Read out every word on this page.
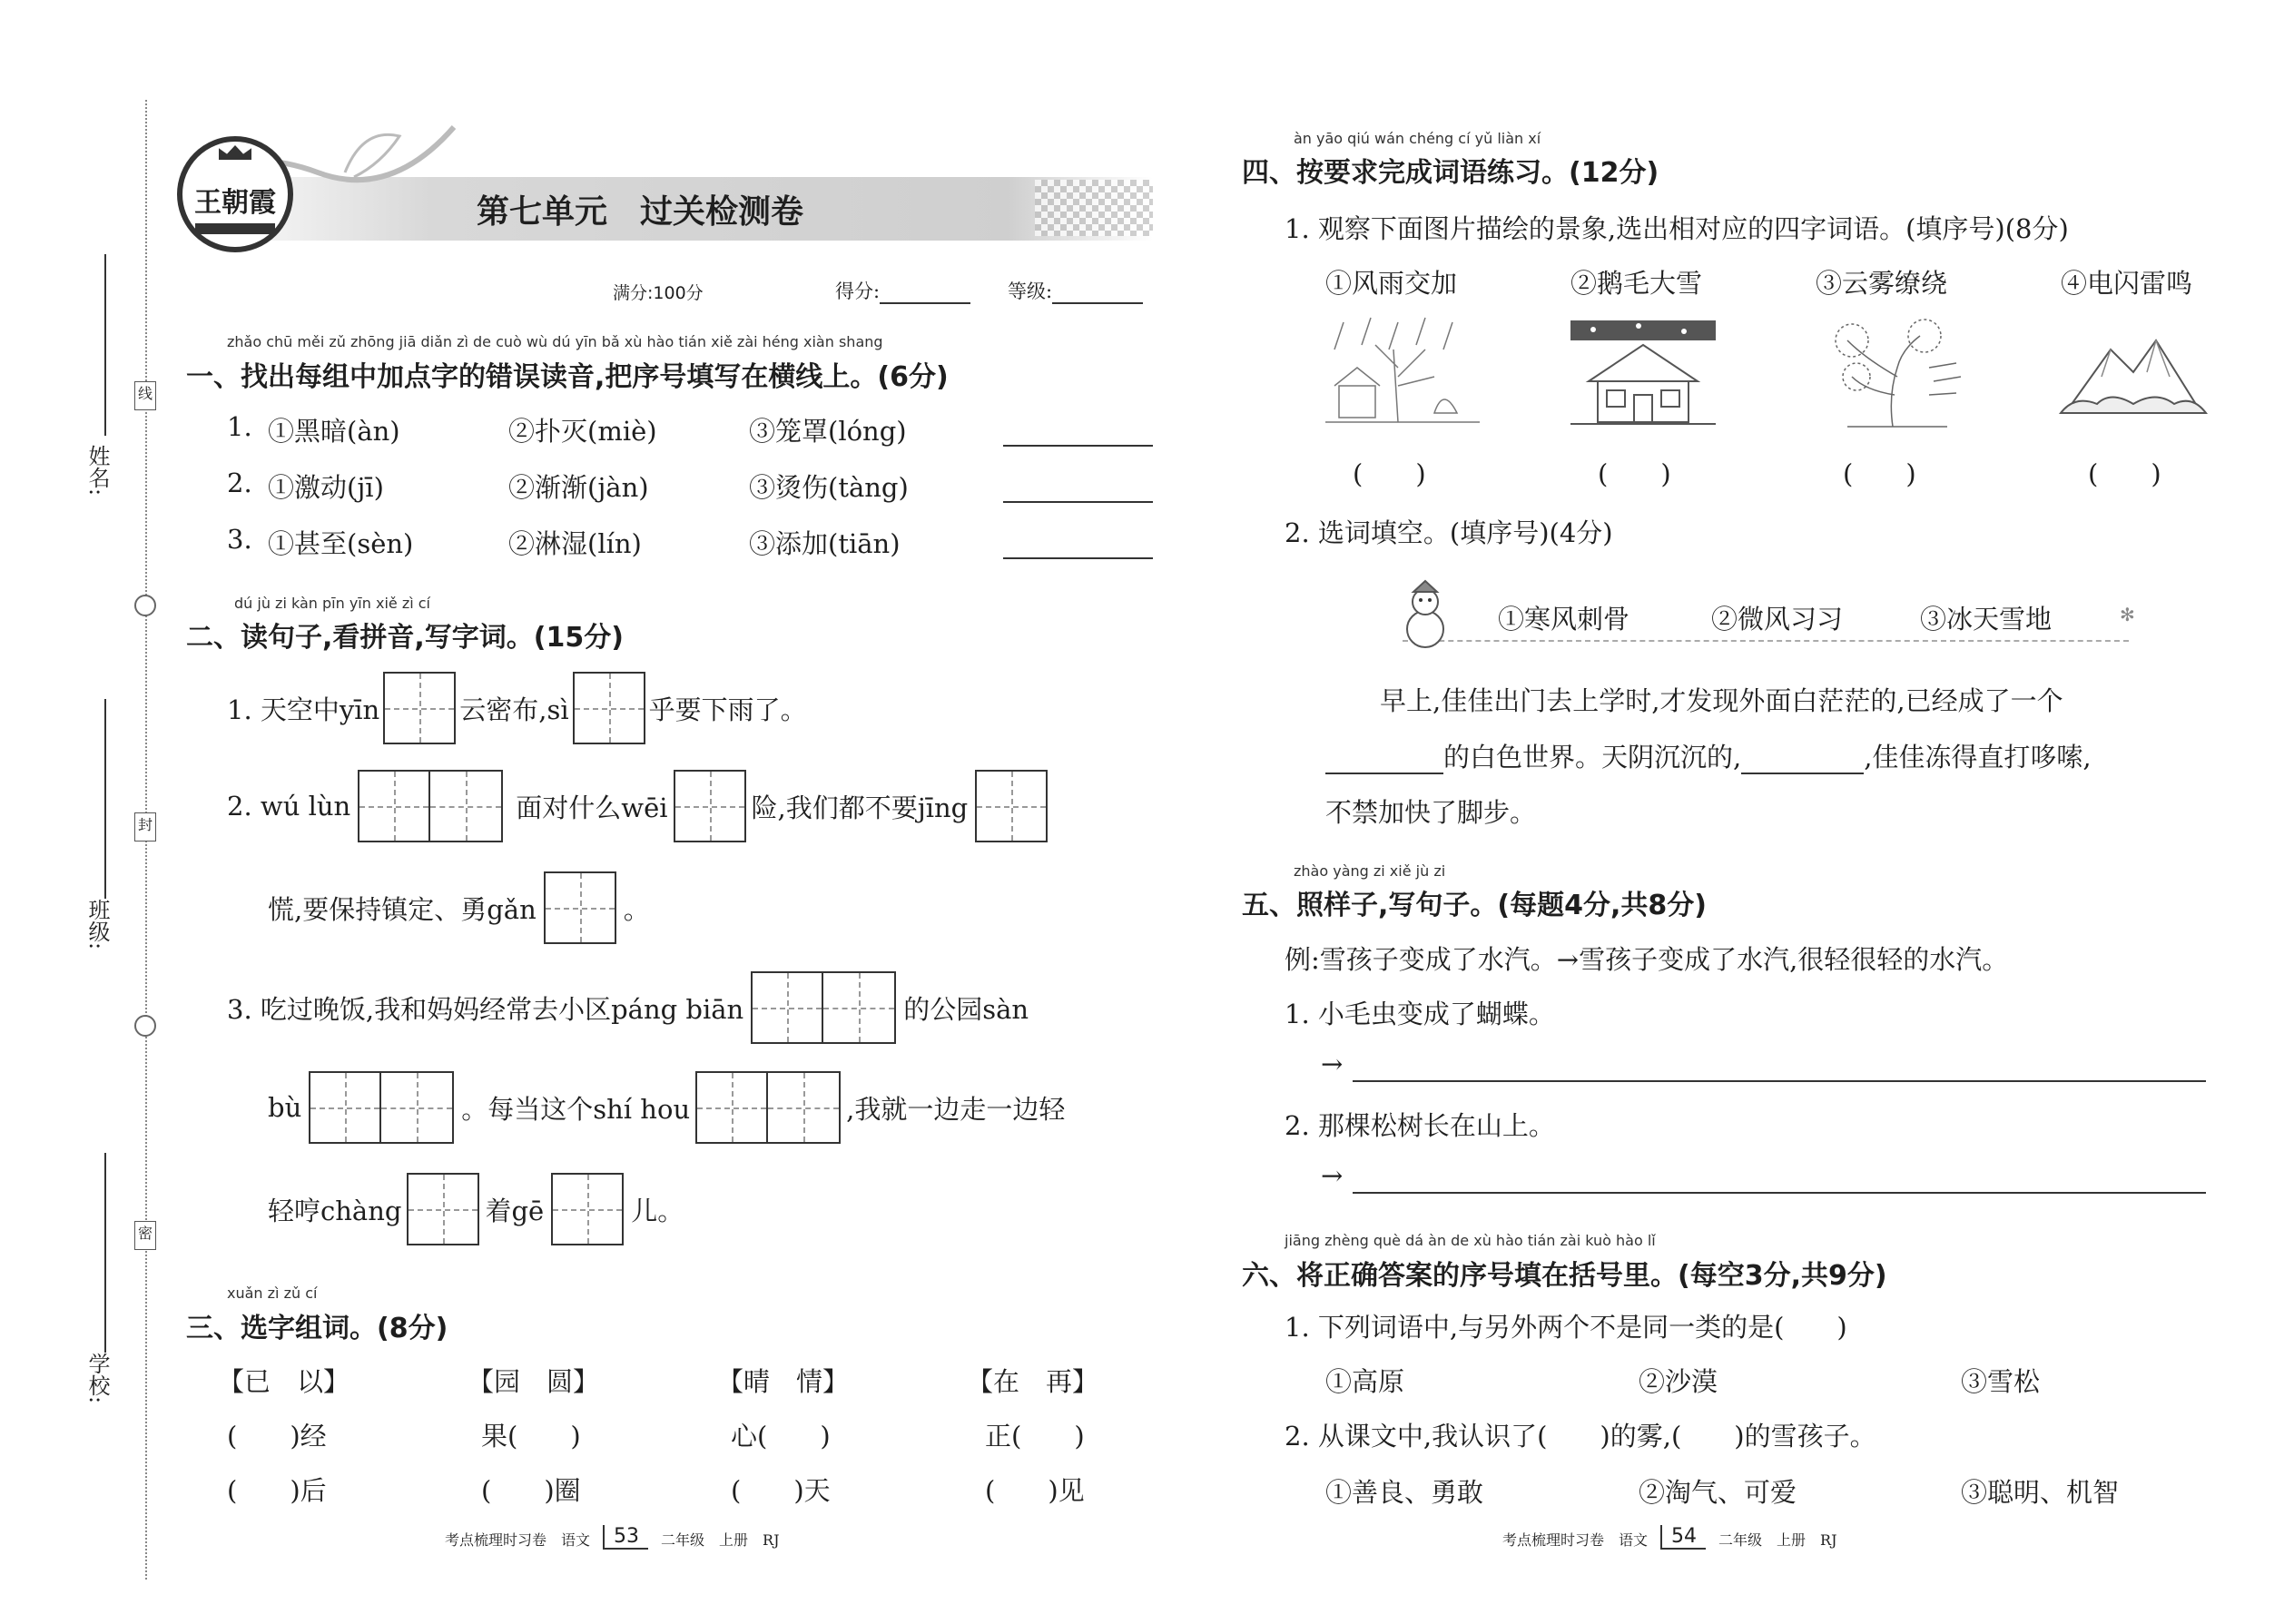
姓名:
班级:
学校:
线
封
密
王朝霞	第七单元　过关检测卷
满分:100分	得分:	等级:
zhǎo chū měi zǔ zhōng jiā diǎn zì de cuò wù dú yīn bǎ xù hào tián xiě zài héng xiàn shang
一、找出每组中加点字的错误读音,把序号填写在横线上。(6分)
1. ①黑暗(àn)	②扑灭(miè)	③笼罩(lóng)
2. ①激动(jī)	②渐渐(jàn)	③烫伤(tàng)
3. ①甚至(sèn)	②淋湿(lín)	③添加(tiān)
dú jù zi kàn pīn yīn xiě zì cí
二、读句子,看拼音,写字词。(15分)
1. 天空中yīn	云密布,sì	乎要下雨了。
2. wú lùn	面对什么wēi	险,我们都不要jīng
慌,要保持镇定、勇gǎn	。
3. 吃过晚饭,我和妈妈经常去小区páng biān	的公园sàn
bù	。每当这个shí hou	,我就一边走一边轻
轻哼chàng	着gē	儿。
xuǎn zì zǔ cí
三、选字组词。(8分)
【已　以】	【园　圆】	【晴　情】	【在　再】
(　　)经	果(　　)	心(　　)	正(　　)
(　　)后	(　　)圈	(　　)天	(　　)见
考点梳理时习卷　语文	53	二年级　上册　RJ
àn yāo qiú wán chéng cí yǔ liàn xí
四、按要求完成词语练习。(12分)
1. 观察下面图片描绘的景象,选出相对应的四字词语。(填序号)(8分)
①风雨交加	②鹅毛大雪	③云雾缭绕	④电闪雷鸣
(　　)	(　　)	(　　)	(　　)
2. 选词填空。(填序号)(4分)
①寒风刺骨	②微风习习	③冰天雪地	✻
早上,佳佳出门去上学时,才发现外面白茫茫的,已经成了一个
的白色世界。天阴沉沉的,	,佳佳冻得直打哆嗦,
不禁加快了脚步。
zhào yàng zi xiě jù zi
五、照样子,写句子。(每题4分,共8分)
例:雪孩子变成了水汽。→雪孩子变成了水汽,很轻很轻的水汽。
1. 小毛虫变成了蝴蝶。
→
2. 那棵松树长在山上。
→
jiāng zhèng què dá àn de xù hào tián zài kuò hào lǐ
六、将正确答案的序号填在括号里。(每空3分,共9分)
1. 下列词语中,与另外两个不是同一类的是(　　)
①高原	②沙漠	③雪松
2. 从课文中,我认识了(　　)的雾,(　　)的雪孩子。
①善良、勇敢	②淘气、可爱	③聪明、机智
考点梳理时习卷　语文	54	二年级　上册　RJ
